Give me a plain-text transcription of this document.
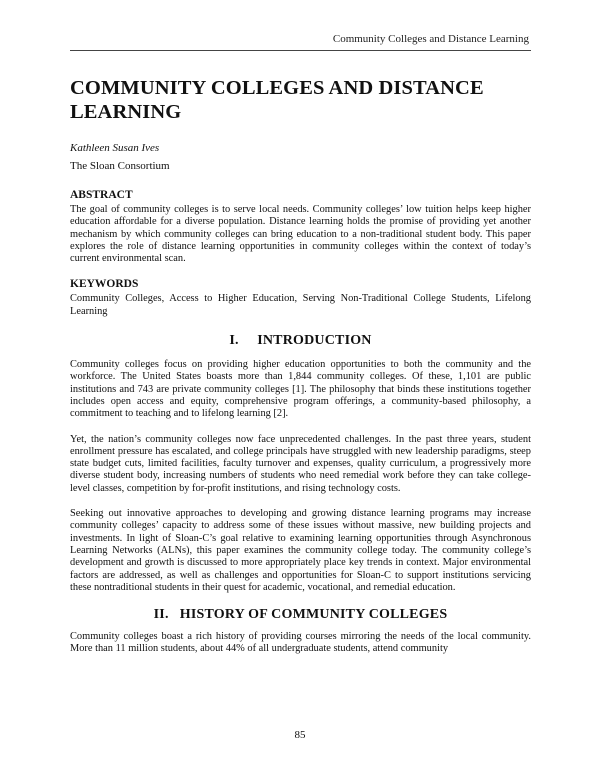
Community Colleges and Distance Learning
COMMUNITY COLLEGES AND DISTANCE LEARNING
Kathleen Susan Ives
The Sloan Consortium
ABSTRACT

The goal of community colleges is to serve local needs. Community colleges’ low tuition helps keep higher education affordable for a diverse population. Distance learning holds the promise of providing yet another mechanism by which community colleges can bring education to a non-traditional student body. This paper explores the role of distance learning opportunities in community colleges within the context of today’s current environmental scan.

KEYWORDS

Community Colleges, Access to Higher Education, Serving Non-Traditional College Students, Lifelong Learning

I.     INTRODUCTION

Community colleges focus on providing higher education opportunities to both the community and the workforce. The United States boasts more than 1,844 community colleges. Of these, 1,101 are public institutions and 743 are private community colleges [1]. The philosophy that binds these institutions together includes open access and equity, comprehensive program offerings, a community-based philosophy, a commitment to teaching and to lifelong learning [2].

Yet, the nation’s community colleges now face unprecedented challenges. In the past three years, student enrollment pressure has escalated, and college principals have struggled with new leadership paradigms, steep state budget cuts, limited facilities, faculty turnover and expenses, quality curriculum, a progressively more diverse student body, increasing numbers of students who need remedial work before they can take college-level classes, competition by for-profit institutions, and rising technology costs.

Seeking out innovative approaches to developing and growing distance learning programs may increase community colleges’ capacity to address some of these issues without massive, new building projects and investments. In light of Sloan-C’s goal relative to examining learning opportunities through Asynchronous Learning Networks (ALNs), this paper examines the community college today. The community college’s development and growth is discussed to more appropriately place key trends in context. Major environmental factors are addressed, as well as challenges and opportunities for Sloan-C to support institutions servicing these nontraditional students in their quest for academic, vocational, and remedial education.

II.   HISTORY OF COMMUNITY COLLEGES

Community colleges boast a rich history of providing courses mirroring the needs of the local community. More than 11 million students, about 44% of all undergraduate students, attend community

85
